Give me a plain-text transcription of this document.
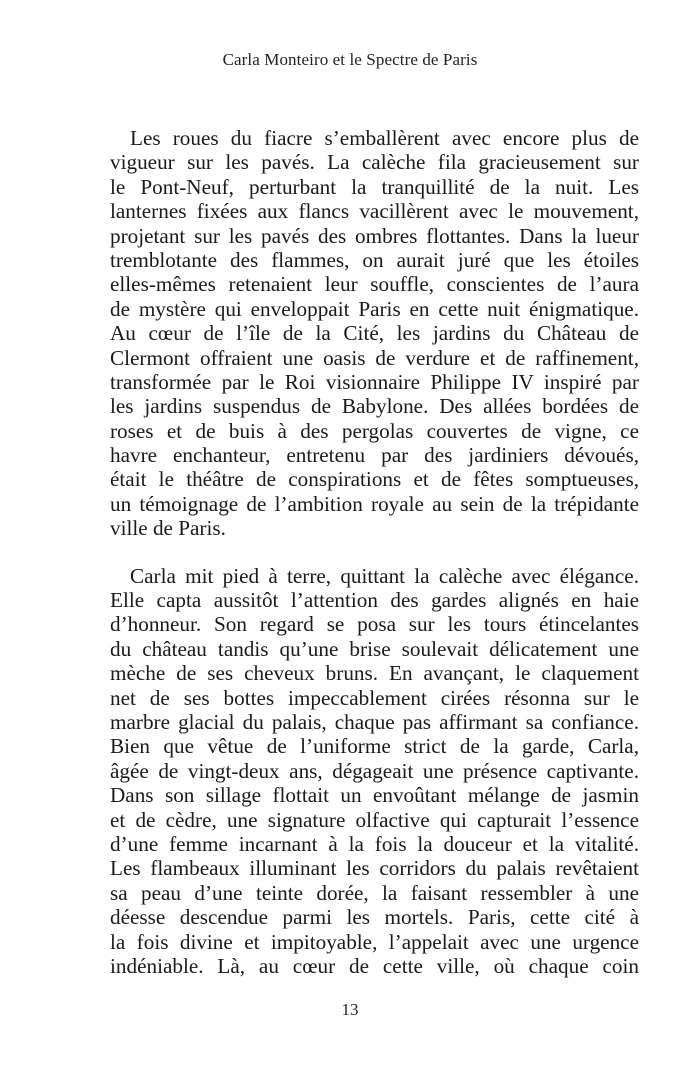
Carla Monteiro et le Spectre de Paris
Les roues du fiacre s’emballèrent avec encore plus de
vigueur sur les pavés. La calèche fila gracieusement sur
le Pont-Neuf, perturbant la tranquillité de la nuit. Les
lanternes fixées aux flancs vacillèrent avec le mouvement,
projetant sur les pavés des ombres flottantes. Dans la lueur
tremblotante des flammes, on aurait juré que les étoiles
elles-mêmes retenaient leur souffle, conscientes de l’aura
de mystère qui enveloppait Paris en cette nuit énigmatique.
Au cœur de l’île de la Cité, les jardins du Château de
Clermont offraient une oasis de verdure et de raffinement,
transformée par le Roi visionnaire Philippe IV inspiré par
les jardins suspendus de Babylone. Des allées bordées de
roses et de buis à des pergolas couvertes de vigne, ce
havre enchanteur, entretenu par des jardiniers dévoués,
était le théâtre de conspirations et de fêtes somptueuses,
un témoignage de l’ambition royale au sein de la trépidante
ville de Paris.
Carla mit pied à terre, quittant la calèche avec élégance.
Elle capta aussitôt l’attention des gardes alignés en haie
d’honneur. Son regard se posa sur les tours étincelantes
du château tandis qu’une brise soulevait délicatement une
mèche de ses cheveux bruns. En avançant, le claquement
net de ses bottes impeccablement cirées résonna sur le
marbre glacial du palais, chaque pas affirmant sa confiance.
Bien que vêtue de l’uniforme strict de la garde, Carla,
âgée de vingt-deux ans, dégageait une présence captivante.
Dans son sillage flottait un envoûtant mélange de jasmin
et de cèdre, une signature olfactive qui capturait l’essence
d’une femme incarnant à la fois la douceur et la vitalité.
Les flambeaux illuminant les corridors du palais revêtaient
sa peau d’une teinte dorée, la faisant ressembler à une
déesse descendue parmi les mortels. Paris, cette cité à
la fois divine et impitoyable, l’appelait avec une urgence
indéniable. Là, au cœur de cette ville, où chaque coin
13
